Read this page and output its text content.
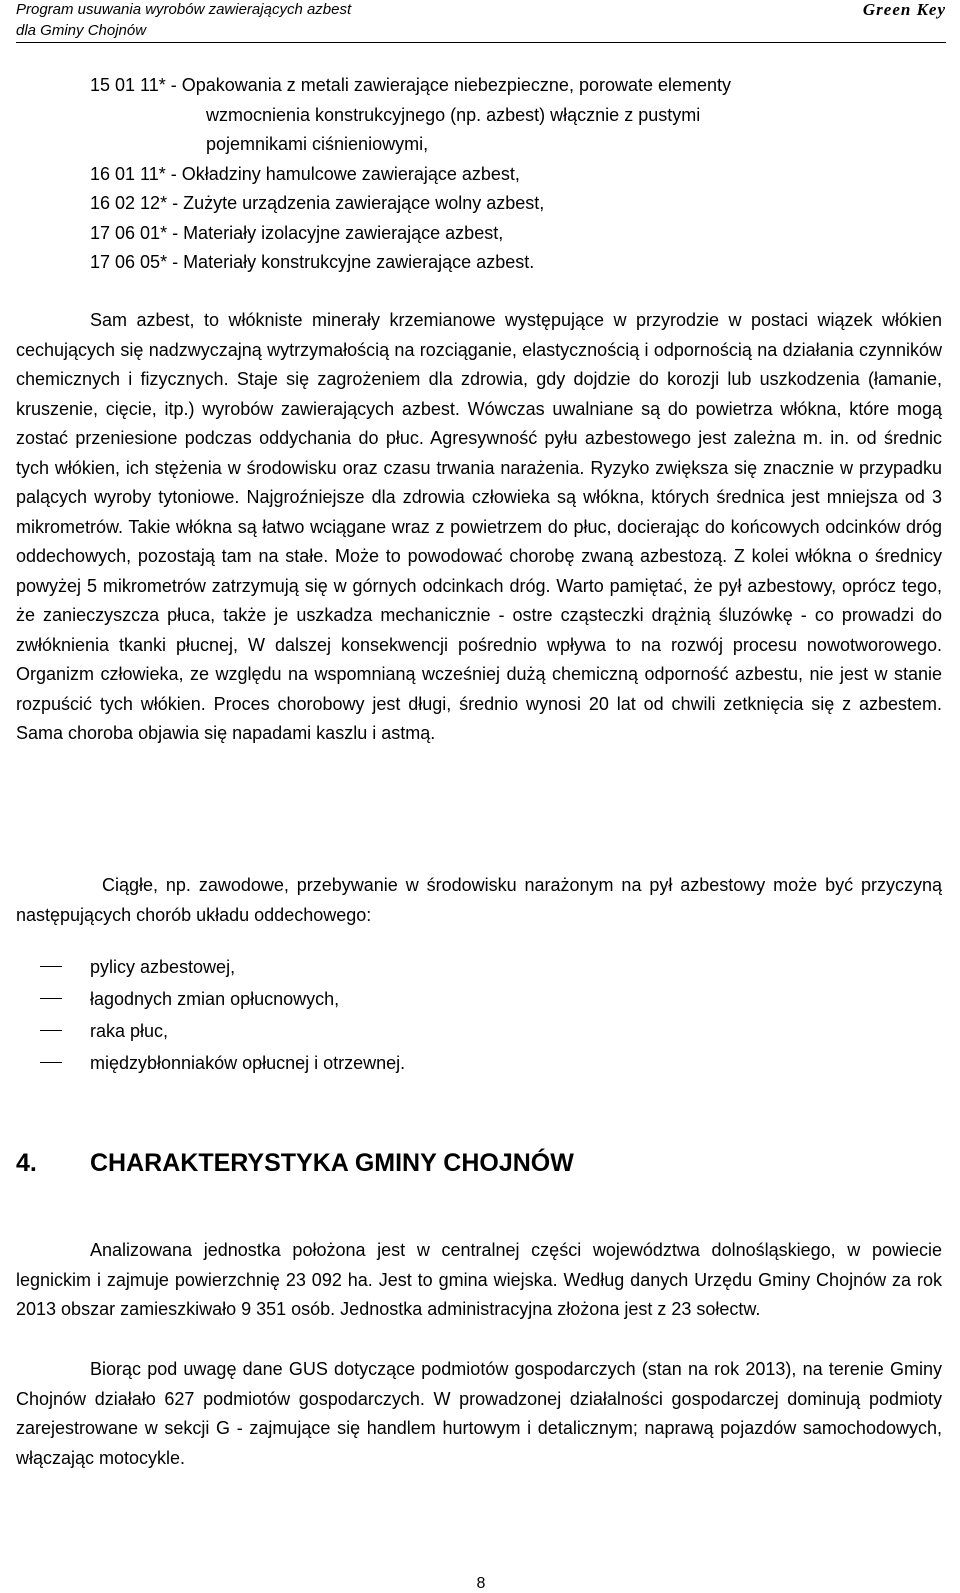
Program usuwania wyrobów zawierających azbest
dla Gminy Chojnów
Green Key
15 01 11* - Opakowania z metali zawierające niebezpieczne, porowate elementy
wzmocnienia konstrukcyjnego (np. azbest) włącznie z pustymi
pojemnikami ciśnieniowymi,
16 01 11* - Okładziny hamulcowe zawierające azbest,
16 02 12* - Zużyte urządzenia zawierające wolny azbest,
17 06 01* - Materiały izolacyjne zawierające azbest,
17 06 05* - Materiały konstrukcyjne zawierające azbest.

Sam azbest, to włókniste minerały krzemianowe występujące w przyrodzie w postaci wiązek włókien cechujących się nadzwyczajną wytrzymałością na rozciąganie, elastycznością i odpornością na działania czynników chemicznych i fizycznych. Staje się zagrożeniem dla zdrowia, gdy dojdzie do korozji lub uszkodzenia (łamanie, kruszenie, cięcie, itp.) wyrobów zawierających azbest. Wówczas uwalniane są do powietrza włókna, które mogą zostać przeniesione podczas oddychania do płuc. Agresywność pyłu azbestowego jest zależna m. in. od średnic tych włókien, ich stężenia w środowisku oraz czasu trwania narażenia. Ryzyko zwiększa się znacznie w przypadku palących wyroby tytoniowe. Najgroźniejsze dla zdrowia człowieka są włókna, których średnica jest mniejsza od 3 mikrometrów. Takie włókna są łatwo wciągane wraz z powietrzem do płuc, docierając do końcowych odcinków dróg oddechowych, pozostają tam na stałe. Może to powodować chorobę zwaną azbestozą. Z kolei włókna o średnicy powyżej 5 mikrometrów zatrzymują się w górnych odcinkach dróg. Warto pamiętać, że pył azbestowy, oprócz tego, że zanieczyszcza płuca, także je uszkadza mechanicznie - ostre cząsteczki drążnią śluzówkę - co prowadzi do zwłóknienia tkanki płucnej, W dalszej konsekwencji pośrednio wpływa to na rozwój procesu nowotworowego. Organizm człowieka, ze względu na wspomnianą wcześniej dużą chemiczną odporność azbestu, nie jest w stanie rozpuścić tych włókien. Proces chorobowy jest długi, średnio wynosi 20 lat od chwili zetknięcia się z azbestem. Sama choroba objawia się napadami kaszlu i astmą.

Ciągłe, np. zawodowe, przebywanie w środowisku narażonym na pył azbestowy może być przyczyną następujących chorób układu oddechowego:

pylicy azbestowej,
łagodnych zmian opłucnowych,
raka płuc,
międzybłonniaków opłucnej i otrzewnej.
4. CHARAKTERYSTYKA GMINY CHOJNÓW

Analizowana jednostka położona jest w centralnej części województwa dolnośląskiego, w powiecie legnickim i zajmuje powierzchnię 23 092 ha. Jest to gmina wiejska. Według danych Urzędu Gminy Chojnów za rok 2013 obszar zamieszkiwało 9 351 osób. Jednostka administracyjna złożona jest z 23 sołectw.

Biorąc pod uwagę dane GUS dotyczące podmiotów gospodarczych (stan na rok 2013), na terenie Gminy Chojnów działało 627 podmiotów gospodarczych. W prowadzonej działalności gospodarczej dominują podmioty zarejestrowane w sekcji G - zajmujące się handlem hurtowym i detalicznym; naprawą pojazdów samochodowych, włączając motocykle.

8
